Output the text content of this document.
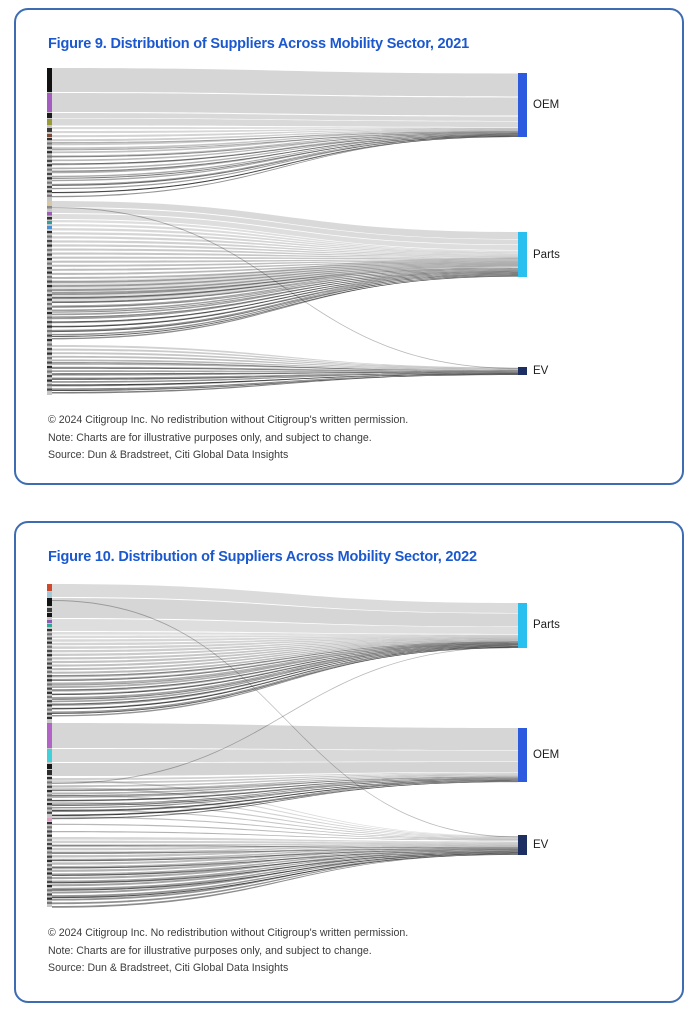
Figure 9. Distribution of Suppliers Across Mobility Sector, 2021
OEM
Parts
EV
© 2024 Citigroup Inc. No redistribution without Citigroup's written permission.
Note: Charts are for illustrative purposes only, and subject to change.
Source: Dun & Bradstreet, Citi Global Data Insights
Figure 10. Distribution of Suppliers Across Mobility Sector, 2022
Parts
OEM
EV
© 2024 Citigroup Inc. No redistribution without Citigroup's written permission.
Note: Charts are for illustrative purposes only, and subject to change.
Source: Dun & Bradstreet, Citi Global Data Insights
